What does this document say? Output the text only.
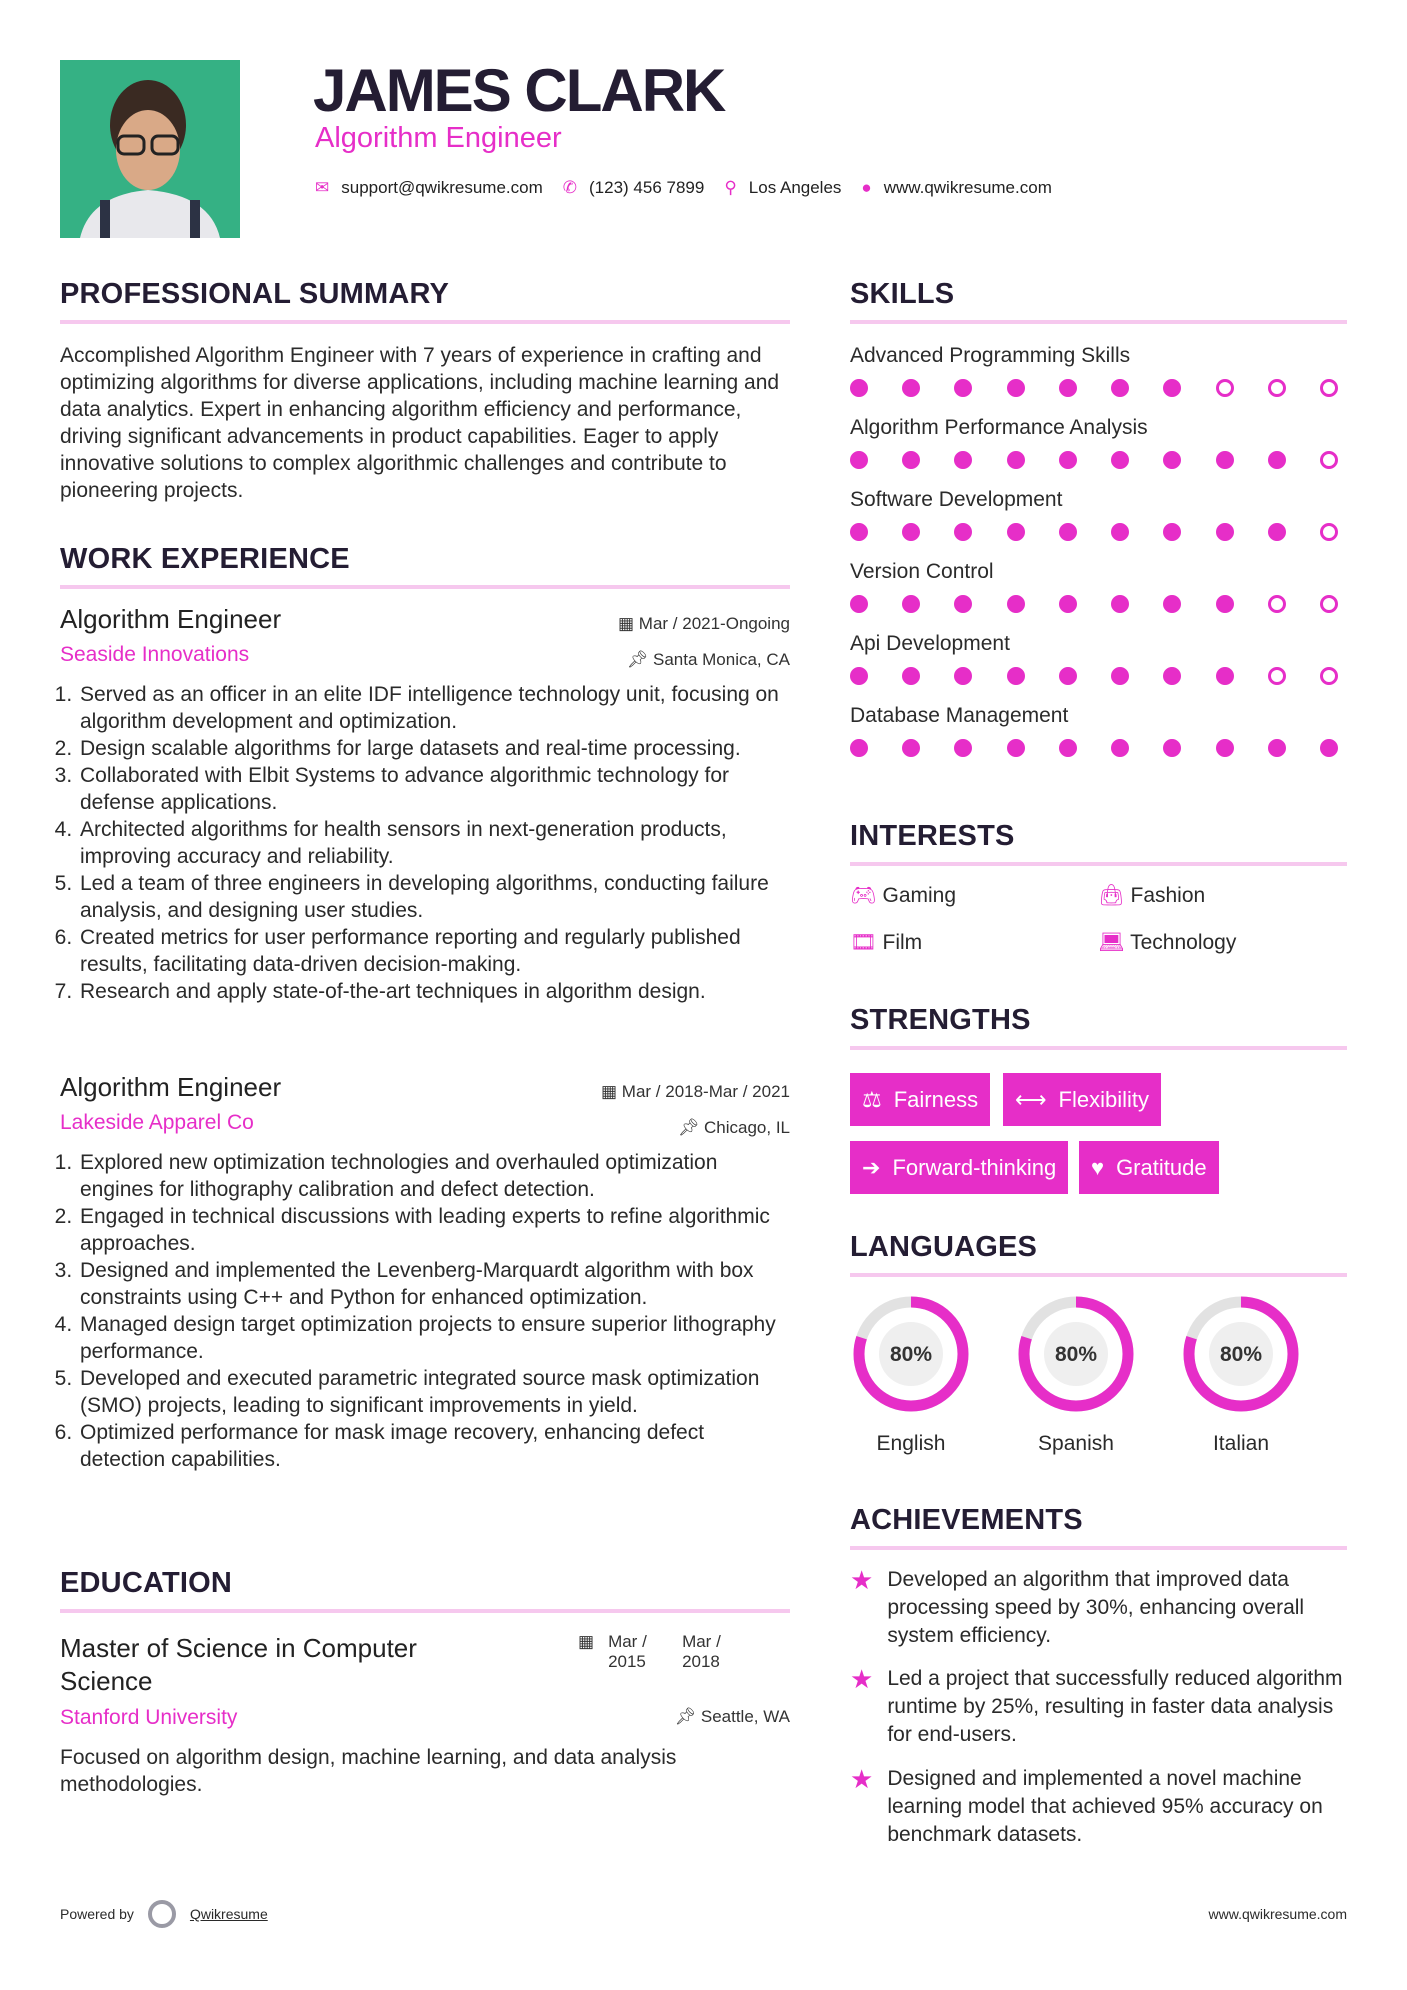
JAMES CLARK
Algorithm Engineer
✉ support@qwikresume.com ✆ (123) 456 7899 ⚲ Los Angeles ● www.qwikresume.com
PROFESSIONAL SUMMARY
Accomplished Algorithm Engineer with 7 years of experience in crafting and optimizing algorithms for diverse applications, including machine learning and data analytics. Expert in enhancing algorithm efficiency and performance, driving significant advancements in product capabilities. Eager to apply innovative solutions to complex algorithmic challenges and contribute to pioneering projects.
WORK EXPERIENCE
Algorithm Engineer	▦ Mar / 2021-Ongoing
Seaside Innovations	📌︎ Santa Monica, CA
1. Served as an officer in an elite IDF intelligence technology unit, focusing on algorithm development and optimization.
2. Design scalable algorithms for large datasets and real-time processing.
3. Collaborated with Elbit Systems to advance algorithmic technology for defense applications.
4. Architected algorithms for health sensors in next-generation products, improving accuracy and reliability.
5. Led a team of three engineers in developing algorithms, conducting failure analysis, and designing user studies.
6. Created metrics for user performance reporting and regularly published results, facilitating data-driven decision-making.
7. Research and apply state-of-the-art techniques in algorithm design.
Algorithm Engineer	▦ Mar / 2018-Mar / 2021
Lakeside Apparel Co	📌︎ Chicago, IL
1. Explored new optimization technologies and overhauled optimization engines for lithography calibration and defect detection.
2. Engaged in technical discussions with leading experts to refine algorithmic approaches.
3. Designed and implemented the Levenberg-Marquardt algorithm with box constraints using C++ and Python for enhanced optimization.
4. Managed design target optimization projects to ensure superior lithography performance.
5. Developed and executed parametric integrated source mask optimization (SMO) projects, leading to significant improvements in yield.
6. Optimized performance for mask image recovery, enhancing defect detection capabilities.
EDUCATION
Master of Science in Computer Science
▦ Mar / 2015
Mar / 2018
Stanford University	📌︎ Seattle, WA
Focused on algorithm design, machine learning, and data analysis methodologies.
SKILLS
Advanced Programming Skills
Algorithm Performance Analysis
Software Development
Version Control
Api Development
Database Management
INTERESTS
🎮︎ Gaming	👜︎ Fashion
🎞︎ Film	💻︎ Technology
STRENGTHS
⚖ Fairness ⟷ Flexibility
➔ Forward-thinking ♥ Gratitude
LANGUAGES
80%
English
80%
Spanish
80%
Italian
ACHIEVEMENTS
★ Developed an algorithm that improved data processing speed by 30%, enhancing overall system efficiency.
★ Led a project that successfully reduced algorithm runtime by 25%, resulting in faster data analysis for end-users.
★ Designed and implemented a novel machine learning model that achieved 95% accuracy on benchmark datasets.
Powered by	Qwikresume	www.qwikresume.com
